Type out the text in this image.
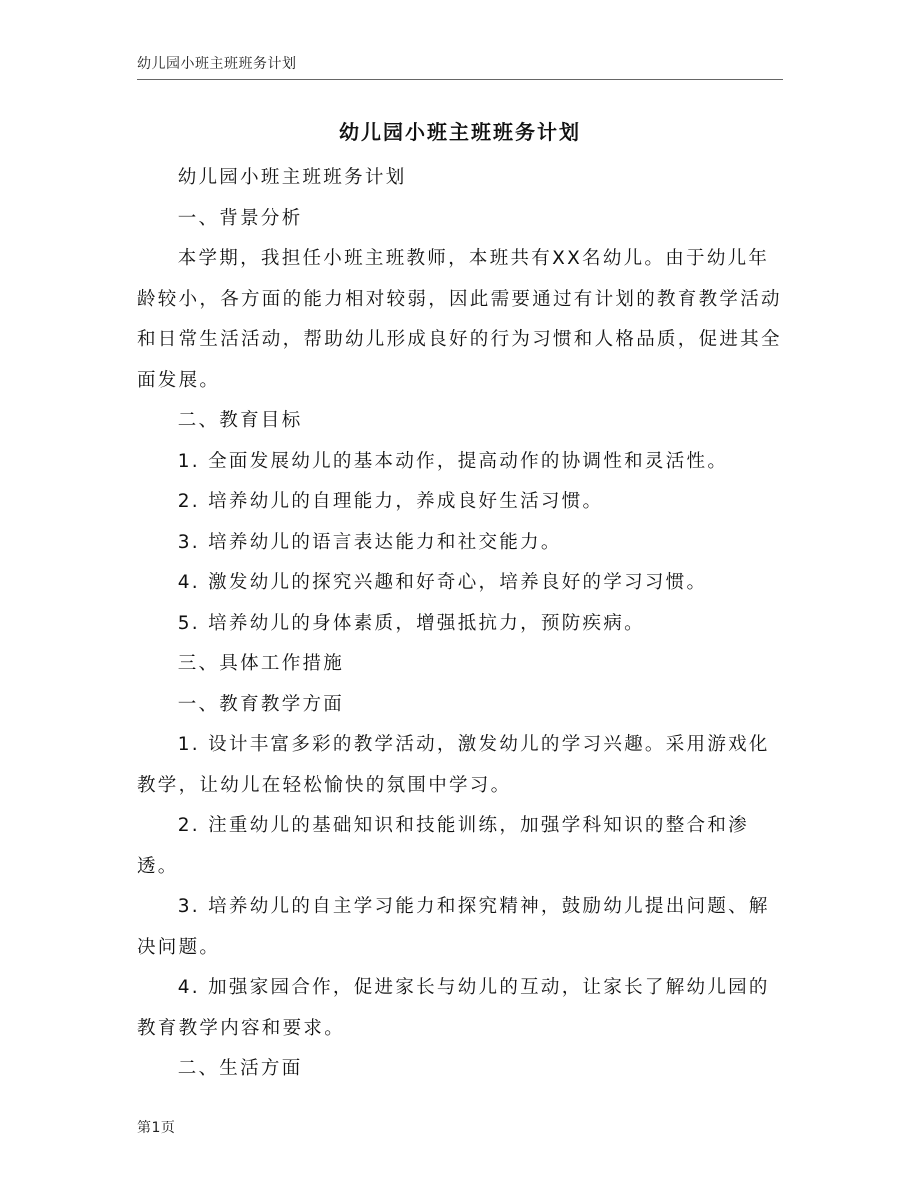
幼儿园小班主班班务计划
幼儿园小班主班班务计划

幼儿园小班主班班务计划

一、背景分析

本学期，我担任小班主班教师，本班共有XX名幼儿。由于幼儿年龄较小，各方面的能力相对较弱，因此需要通过有计划的教育教学活动和日常生活活动，帮助幼儿形成良好的行为习惯和人格品质，促进其全面发展。

二、教育目标

1. 全面发展幼儿的基本动作，提高动作的协调性和灵活性。

2. 培养幼儿的自理能力，养成良好生活习惯。

3. 培养幼儿的语言表达能力和社交能力。

4. 激发幼儿的探究兴趣和好奇心，培养良好的学习习惯。

5. 培养幼儿的身体素质，增强抵抗力，预防疾病。

三、具体工作措施

一、教育教学方面

1. 设计丰富多彩的教学活动，激发幼儿的学习兴趣。采用游戏化教学，让幼儿在轻松愉快的氛围中学习。

2. 注重幼儿的基础知识和技能训练，加强学科知识的整合和渗透。

3. 培养幼儿的自主学习能力和探究精神，鼓励幼儿提出问题、解决问题。

4. 加强家园合作，促进家长与幼儿的互动，让家长了解幼儿园的教育教学内容和要求。

二、生活方面

第1页
